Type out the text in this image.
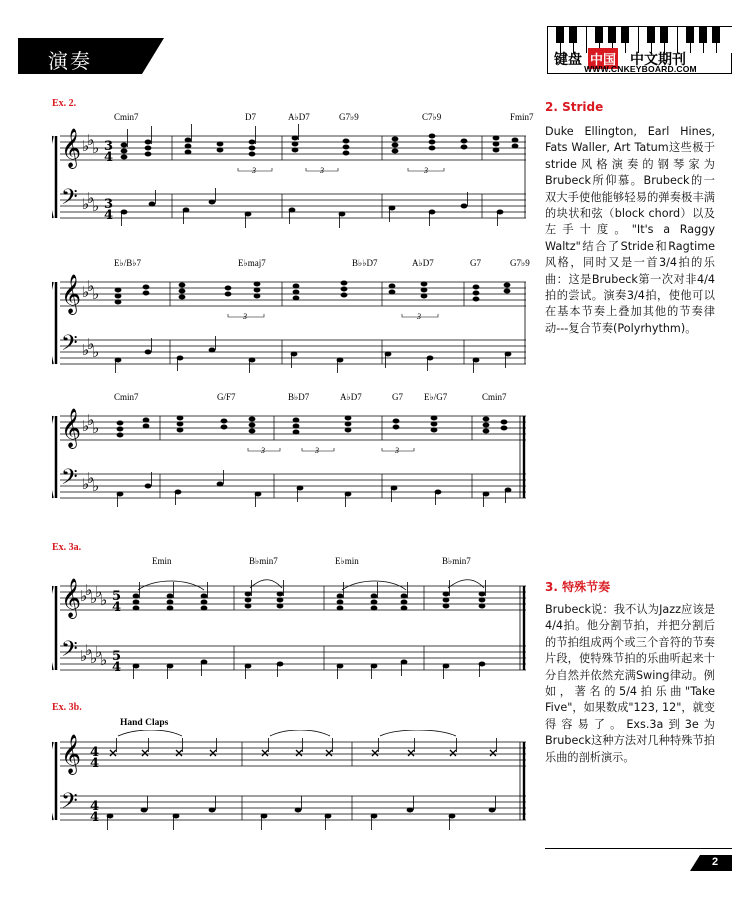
演奏	键盘 中国 中文期刊
WWW.CNKEYBOARD.COM
Ex. 2.
Cmin7	D7	A♭D7	G7♭9	C7♭9	Fmin7
𝄞
𝄢
♭
♭
♭
♭
♭
♭
3
4
3
4
3	3	3
E♭/B♭7	E♭maj7	B♭♭D7	A♭D7	G7	G7♭9
𝄞
𝄢
♭
♭
♭
♭
♭
♭
3	3
Cmin7	G/F7	B♭D7	A♭D7	G7 E♭/G7	Cmin7
𝄞
𝄢
♭
♭
♭
♭
♭
♭
3	3	3
Ex. 3a.
Emin	B♭min7	E♭min	B♭min7
𝄞
𝄢
♭
♭
♭
♭
♭
♭
♭
♭
♭
♭
5
4
5
4
Ex. 3b.
Hand Claps
𝄞
𝄢
4
4
4
4
2. Stride
Duke Ellington, Earl Hines, Fats Waller, Art Tatum这些极于stride风格演奏的钢琴家为Brubeck所仰慕。Brubeck的一双大手使他能够轻易的弹奏极丰满的块状和弦（block chord）以及左手十度。"It's a Raggy Waltz"结合了Stride和Ragtime风格，同时又是一首3/4拍的乐曲：这是Brubeck第一次对非4/4拍的尝试。演奏3/4拍，使他可以在基本节奏上叠加其他的节奏律动---复合节奏(Polyrhythm)。
3. 特殊节奏
Brubeck说：我不认为Jazz应该是4/4拍。他分割节拍，并把分割后的节拍组成两个或三个音符的节奏片段，使特殊节拍的乐曲听起来十分自然并依然充满Swing律动。例如，著名的5/4拍乐曲"Take Five"，如果数成"123, 12"，就变得容易了。Exs.3a到3e为Brubeck这种方法对几种特殊节拍乐曲的剖析演示。
2
